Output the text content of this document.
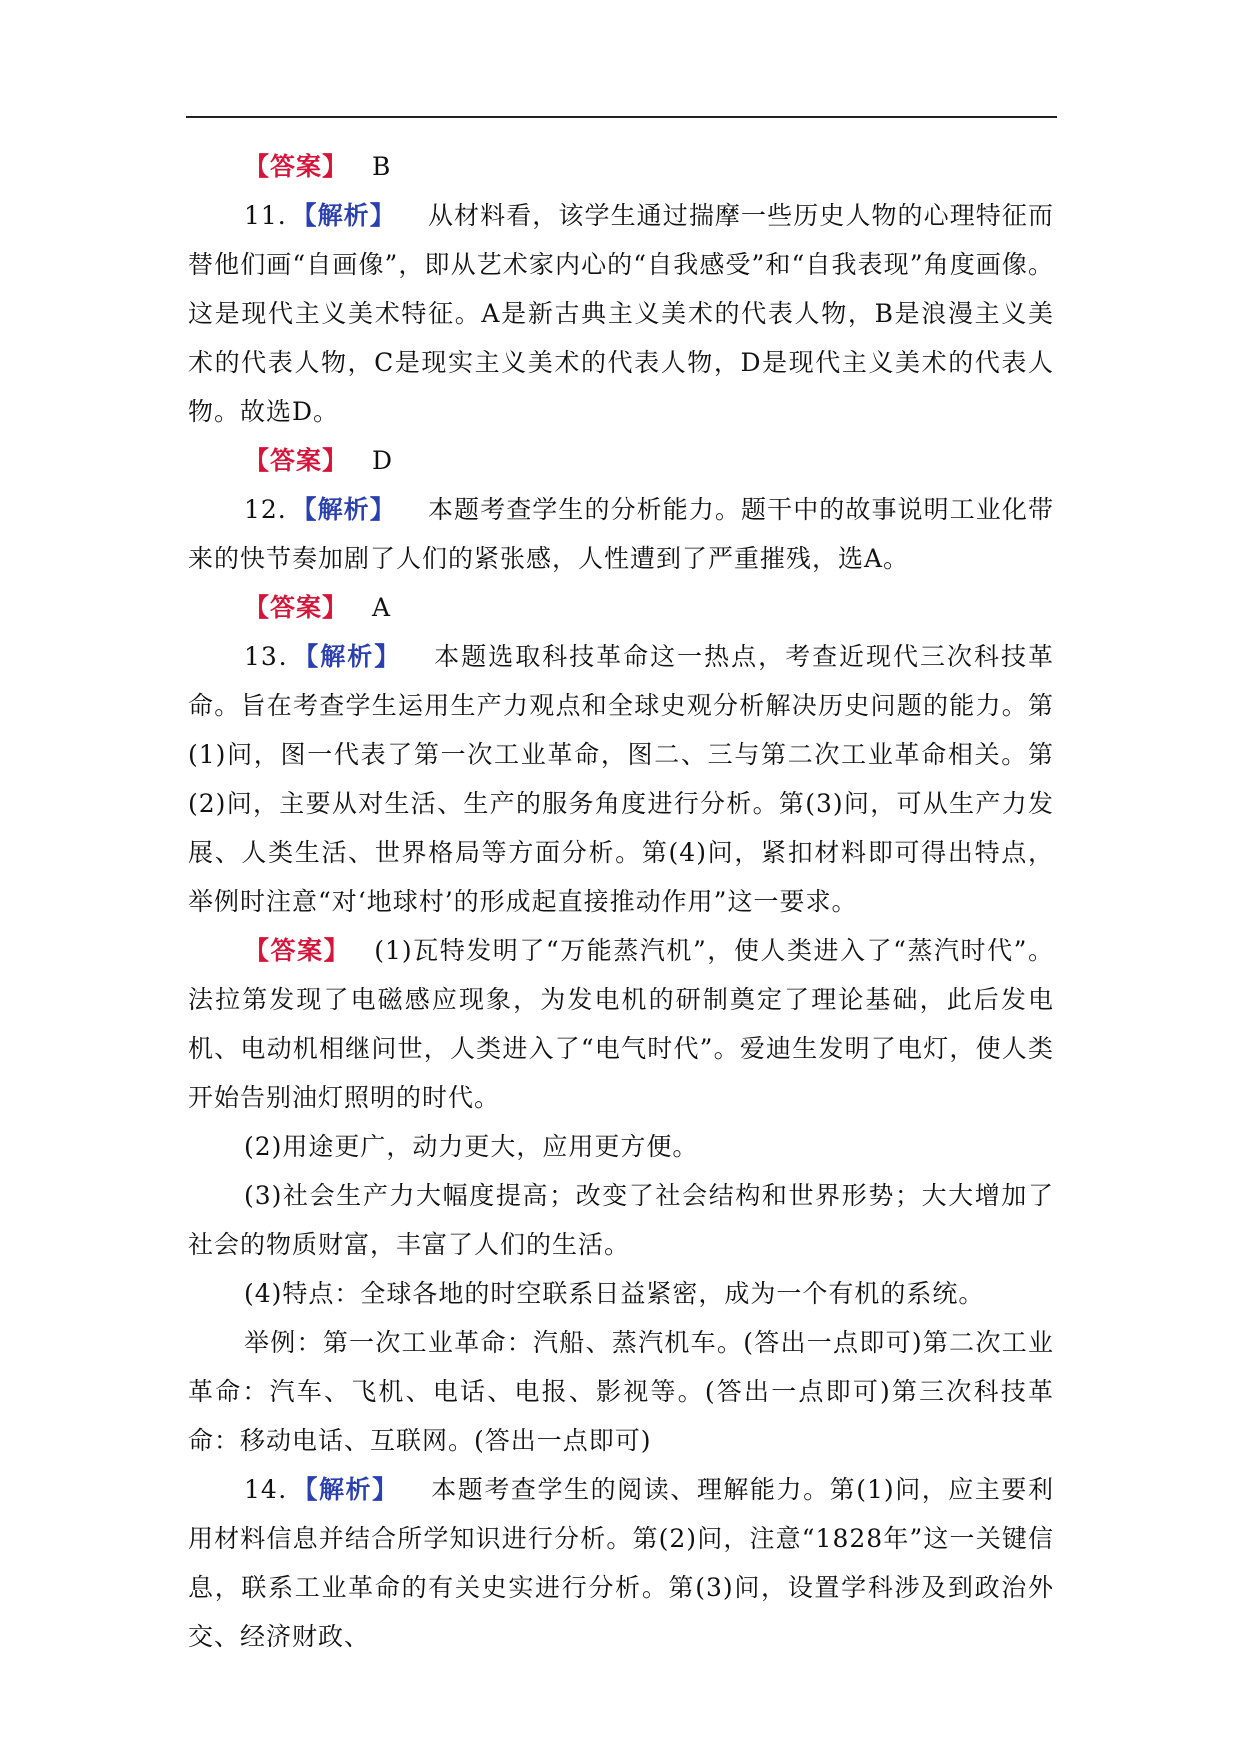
【答案】 B

11．【解析】 从材料看，该学生通过揣摩一些历史人物的心理特征而替他们画“自画像”，即从艺术家内心的“自我感受”和“自我表现”角度画像。这是现代主义美术特征。A是新古典主义美术的代表人物，B是浪漫主义美术的代表人物，C是现实主义美术的代表人物，D是现代主义美术的代表人物。故选D。

【答案】 D

12．【解析】 本题考查学生的分析能力。题干中的故事说明工业化带来的快节奏加剧了人们的紧张感，人性遭到了严重摧残，选A。

【答案】 A

13．【解析】 本题选取科技革命这一热点，考查近现代三次科技革命。旨在考查学生运用生产力观点和全球史观分析解决历史问题的能力。第(1)问，图一代表了第一次工业革命，图二、三与第二次工业革命相关。第(2)问，主要从对生活、生产的服务角度进行分析。第(3)问，可从生产力发展、人类生活、世界格局等方面分析。第(4)问，紧扣材料即可得出特点，举例时注意“对‘地球村’的形成起直接推动作用”这一要求。

【答案】 (1)瓦特发明了“万能蒸汽机”，使人类进入了“蒸汽时代”。法拉第发现了电磁感应现象，为发电机的研制奠定了理论基础，此后发电机、电动机相继问世，人类进入了“电气时代”。爱迪生发明了电灯，使人类开始告别油灯照明的时代。

(2)用途更广，动力更大，应用更方便。

(3)社会生产力大幅度提高；改变了社会结构和世界形势；大大增加了社会的物质财富，丰富了人们的生活。

(4)特点：全球各地的时空联系日益紧密，成为一个有机的系统。

举例：第一次工业革命：汽船、蒸汽机车。(答出一点即可)第二次工业革命：汽车、飞机、电话、电报、影视等。(答出一点即可)第三次科技革命：移动电话、互联网。(答出一点即可)

14．【解析】 本题考查学生的阅读、理解能力。第(1)问，应主要利用材料信息并结合所学知识进行分析。第(2)问，注意“1828年”这一关键信息，联系工业革命的有关史实进行分析。第(3)问，设置学科涉及到政治外交、经济财政、
